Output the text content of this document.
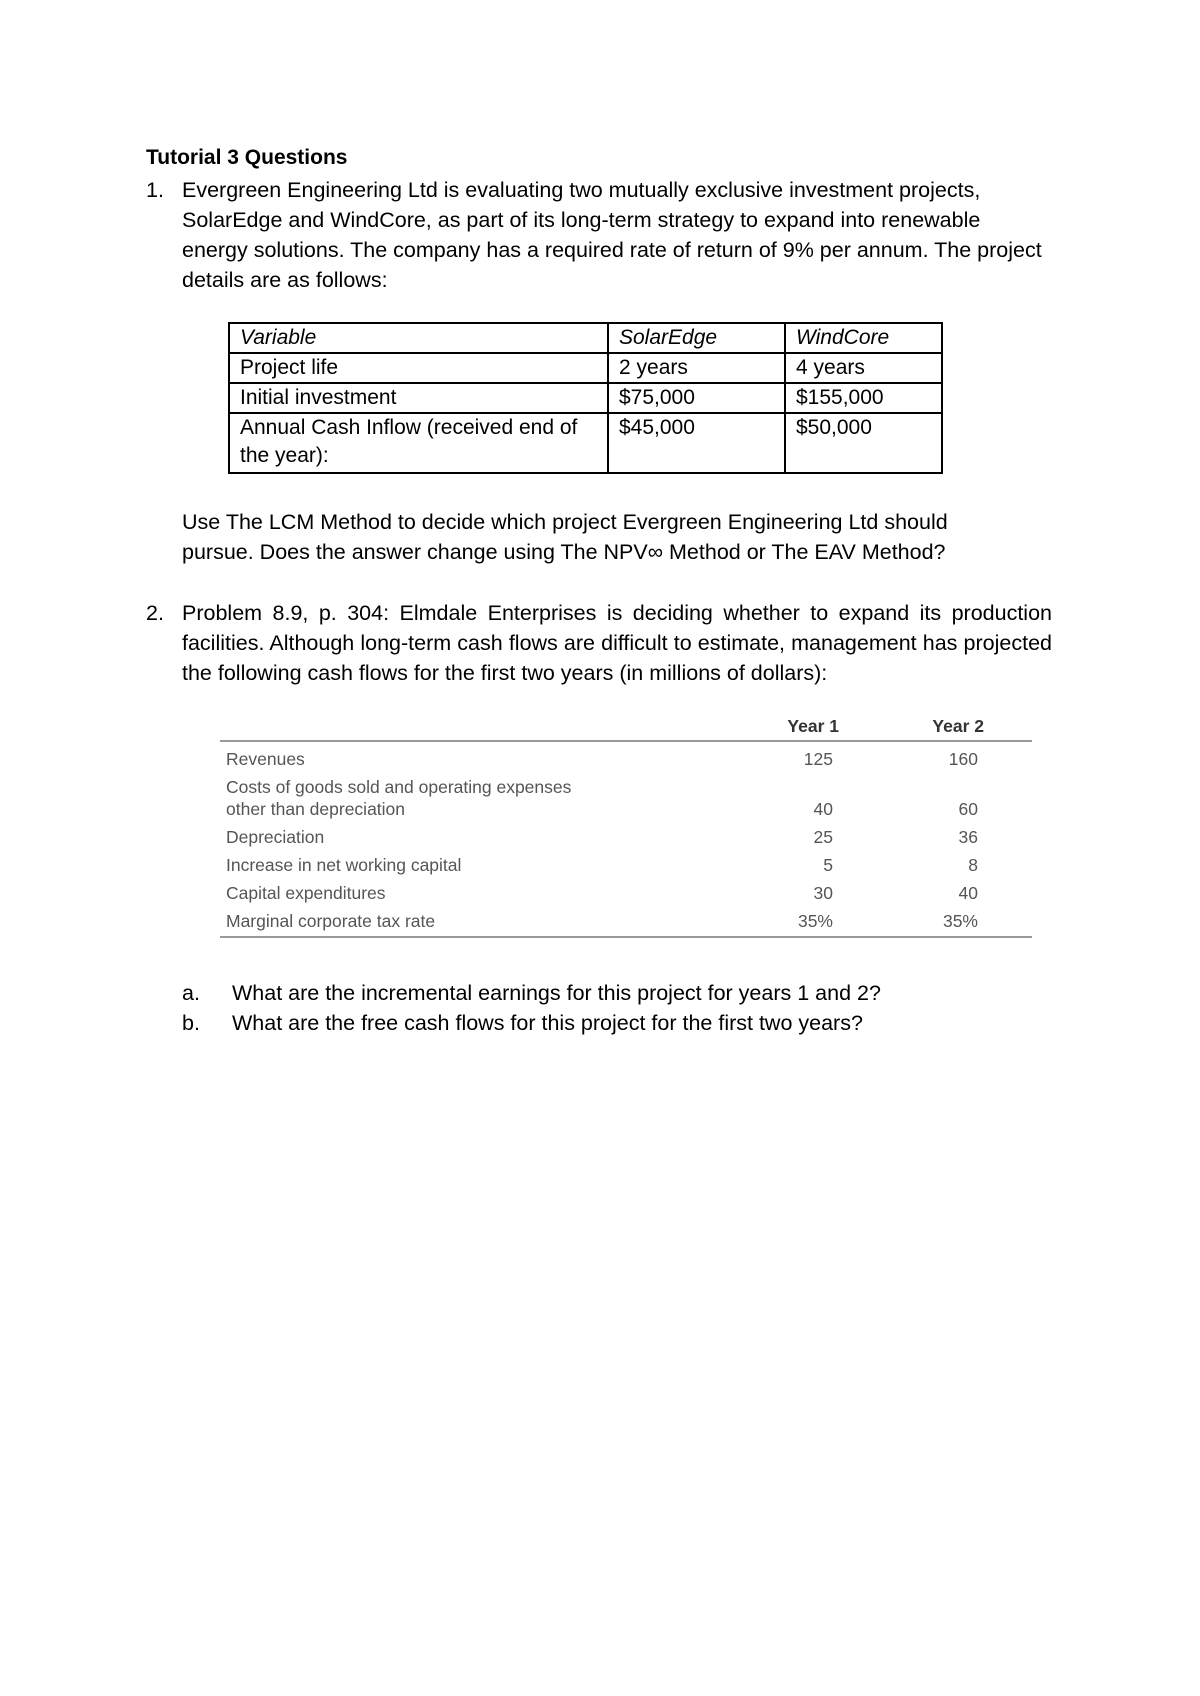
Tutorial 3 Questions
1. Evergreen Engineering Ltd is evaluating two mutually exclusive investment projects, SolarEdge and WindCore, as part of its long-term strategy to expand into renewable energy solutions. The company has a required rate of return of 9% per annum. The project details are as follows:
Variable	SolarEdge	WindCore
Project life	2 years	4 years
Initial investment	$75,000	$155,000
Annual Cash Inflow (received end of the year):	$45,000	$50,000
Use The LCM Method to decide which project Evergreen Engineering Ltd should pursue. Does the answer change using The NPV∞ Method or The EAV Method?
2. Problem 8.9, p. 304: Elmdale Enterprises is deciding whether to expand its production facilities. Although long-term cash flows are difficult to estimate, management has projected the following cash flows for the first two years (in millions of dollars):
	Year 1	Year 2
Revenues	125	160
Costs of goods sold and operating expenses other than depreciation	40	60
Depreciation	25	36
Increase in net working capital	5	8
Capital expenditures	30	40
Marginal corporate tax rate	35%	35%
a. What are the incremental earnings for this project for years 1 and 2?
b. What are the free cash flows for this project for the first two years?
